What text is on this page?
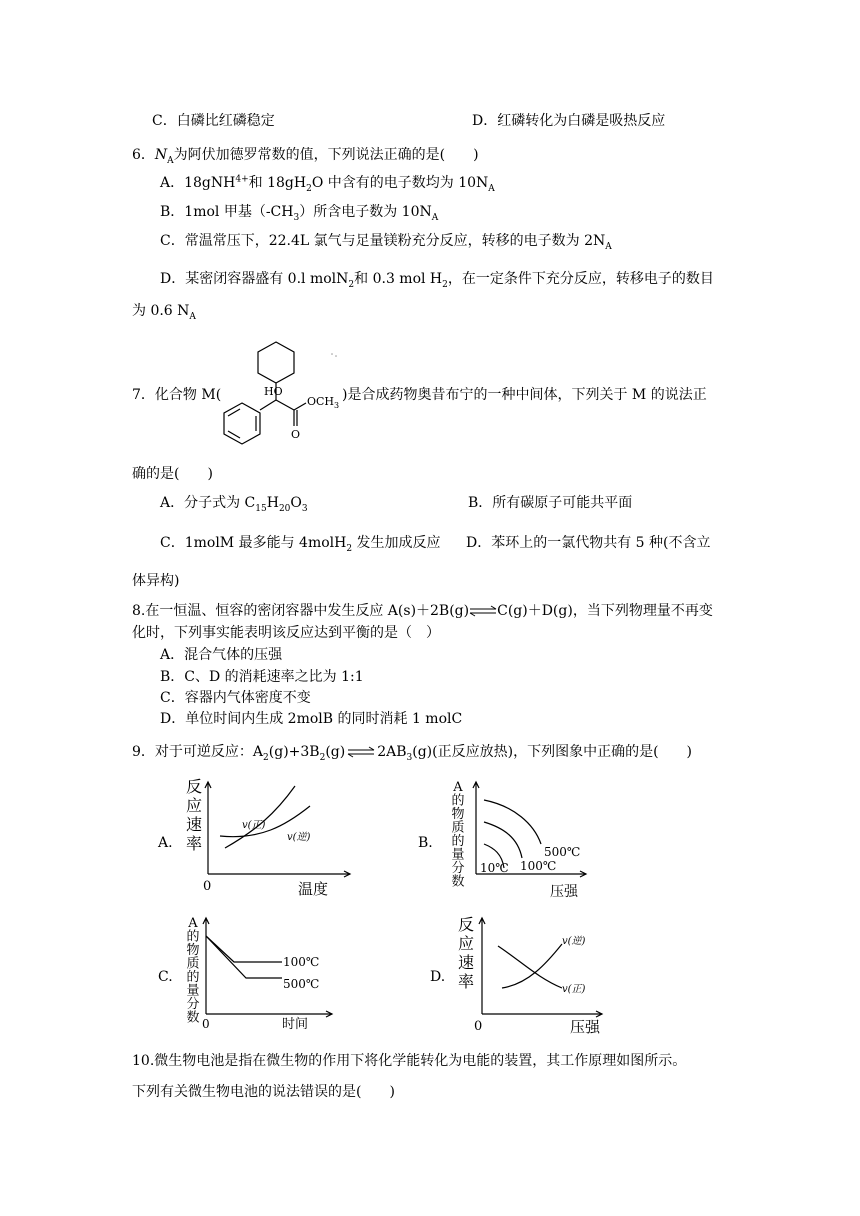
C．白磷比红磷稳定	D．红磷转化为白磷是吸热反应
6．$N_A$为阿伏加德罗常数的值，下列说法正确的是(　　)
A．18gNH$^{4+}$和 $18gH_2O$ 中含有的电子数均为 $10N_A$
B．1mol 甲基$(-CH_3)$所含电子数为 $10N_A$
C．常温常压下，22.4L 氯气与足量镁粉充分反应，转移的电子数为 $2N_A$
D．某密闭容器盛有 0.l molN$_2$和 0.3 mol $H_2$，在一定条件下充分反应，转移电子的数目
为 0.6 $N_A$
7．化合物 M(	HO
$OCH_3$
O
)是合成药物奥昔布宁的一种中间体，下列关于 M 的说法正
确的是(　　)
A．分子式为 $C_{15}H_{20}O_3$	B．所有碳原子可能共平面
C．1molM 最多能与 4molH$_2$ 发生加成反应 D．苯环上的一氯代物共有 5 种(不含立
体异构)
8.在一恒温、恒容的密闭容器中发生反应 A(s)＋2B(g)⇌C(g)＋D(g)，当下列物理量不再变
化时，下列事实能表明该反应达到平衡的是（　）
A．混合气体的压强
B．C、D 的消耗速率之比为 1:1
C．容器内气体密度不变
D．单位时间内生成 2molB 的同时消耗 1 molC
9．对于可逆反应：$A_2(g)+3B_2(g)$ ⇌ $2AB_3(g)$(正反应放热)，下列图象中正确的是(　　)
A.
反
应
速
率
0	温度
v(正)
v(逆)	B.
A
的
物
质
的
量
分
数
压强
500℃
100℃
10℃
C.
A
的
物
质
的
量
分
数 0	时间
100℃
500℃	D.
反
应
速
率
0	压强
v(逆)
v(正)
10.微生物电池是指在微生物的作用下将化学能转化为电能的装置，其工作原理如图所示。
下列有关微生物电池的说法错误的是(　　)
